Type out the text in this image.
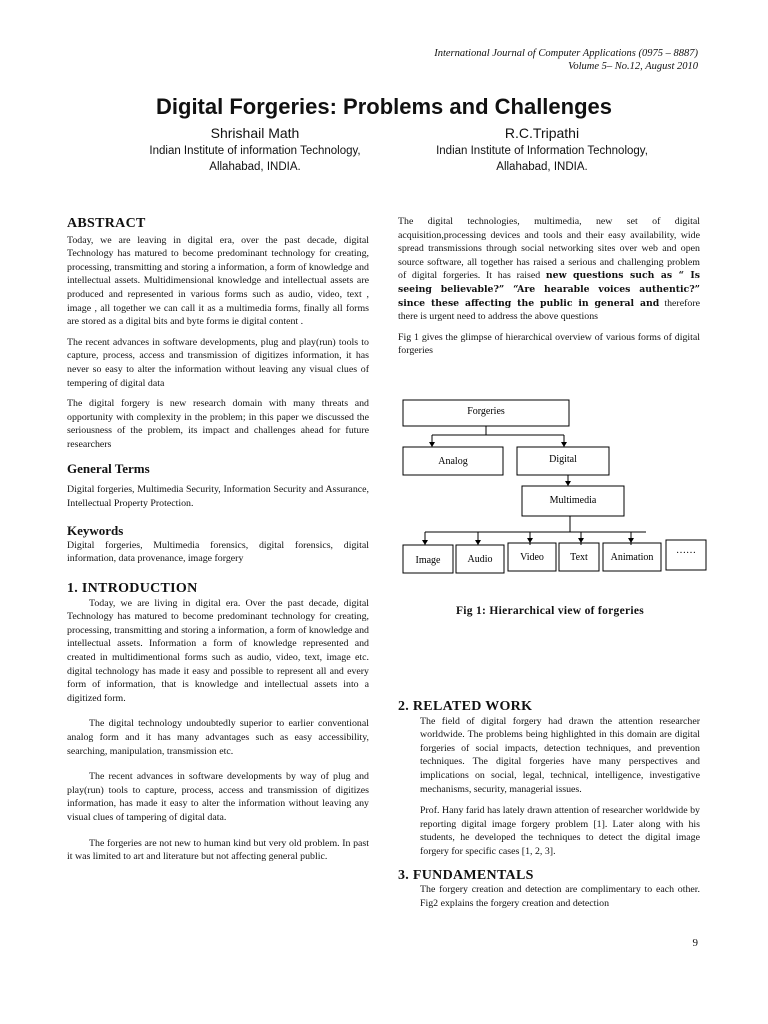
International Journal of Computer Applications (0975 – 8887)
Volume 5– No.12, August 2010
Digital Forgeries: Problems and Challenges
Shrishail Math
Indian Institute of information Technology,
Allahabad, INDIA.
R.C.Tripathi
Indian Institute of Information Technology,
Allahabad, INDIA.
ABSTRACT

Today, we are leaving in digital era, over the past decade, digital Technology has matured to become predominant technology for creating, processing, transmitting and storing a information, a form of knowledge and intellectual assets. Multidimensional knowledge and intellectual assets are produced and represented in various forms such as audio, video, text , image , all together we can call it as a multimedia forms, finally all forms are stored as a digital bits and byte forms ie digital content .

The recent advances in software developments, plug and play(run) tools to capture, process, access and transmission of digitizes information, it has never so easy to alter the information without leaving any visual clues of tempering of digital data

The digital forgery is new research domain with many threats and opportunity with complexity in the problem; in this paper we discussed the seriousness of the problem, its impact and challenges ahead for future researchers

General Terms

Digital forgeries, Multimedia Security, Information Security and Assurance, Intellectual Property Protection.

Keywords

Digital forgeries, Multimedia forensics, digital forensics, digital information, data provenance, image forgery

1. INTRODUCTION

Today, we are living in digital era. Over the past decade, digital Technology has matured to become predominant technology for creating, processing, transmitting and storing a information, a form of knowledge and intellectual assets. Information a form of knowledge represented and created in multidimentional forms such as audio, video, text, image etc. digital technology has made it easy and possible to represent all and every form of information, that is knowledge and intellectual assets into a digitized form.

The digital technology undoubtedly superior to earlier conventional analog form and it has many advantages such as easy accessibility, searching, manipulation, transmission etc.

The recent advances in software developments by way of plug and play(run) tools to capture, process, access and transmission of digitizes information, has made it easy to alter the information without leaving any visual clues of tampering of digital data.

The forgeries are not new to human kind but very old problem. In past it was limited to art and literature but not affecting general public.

The digital technologies, multimedia, new set of digital acquisition,processing devices and tools and their easy availability, wide spread transmissions through social networking sites over web and open source software, all together has raised a serious and challenging problem of digital forgeries. It has raised new questions such as “ Is seeing believable?” “Are hearable voices authentic?” since these affecting the public in general and therefore there is urgent need to address the above questions

Fig 1 gives the glimpse of hierarchical overview of various forms of digital forgeries

Forgeries
Analog	Digital
Multimedia
Image	Audio	Video	Text Animation
……
Fig 1: Hierarchical view of forgeries
2. RELATED WORK

The field of digital forgery had drawn the attention researcher worldwide. The problems being highlighted in this domain are digital forgeries of social impacts, detection techniques, and prevention techniques. The digital forgeries have many perspectives and implications on social, legal, technical, intelligence, investigative mechanisms, security, managerial issues.

Prof. Hany farid has lately drawn attention of researcher worldwide by reporting digital image forgery problem [1]. Later along with his students, he developed the techniques to detect the digital image forgery for specific cases [1, 2, 3].

3. FUNDAMENTALS

The forgery creation and detection are complimentary to each other. Fig2 explains the forgery creation and detection

9
